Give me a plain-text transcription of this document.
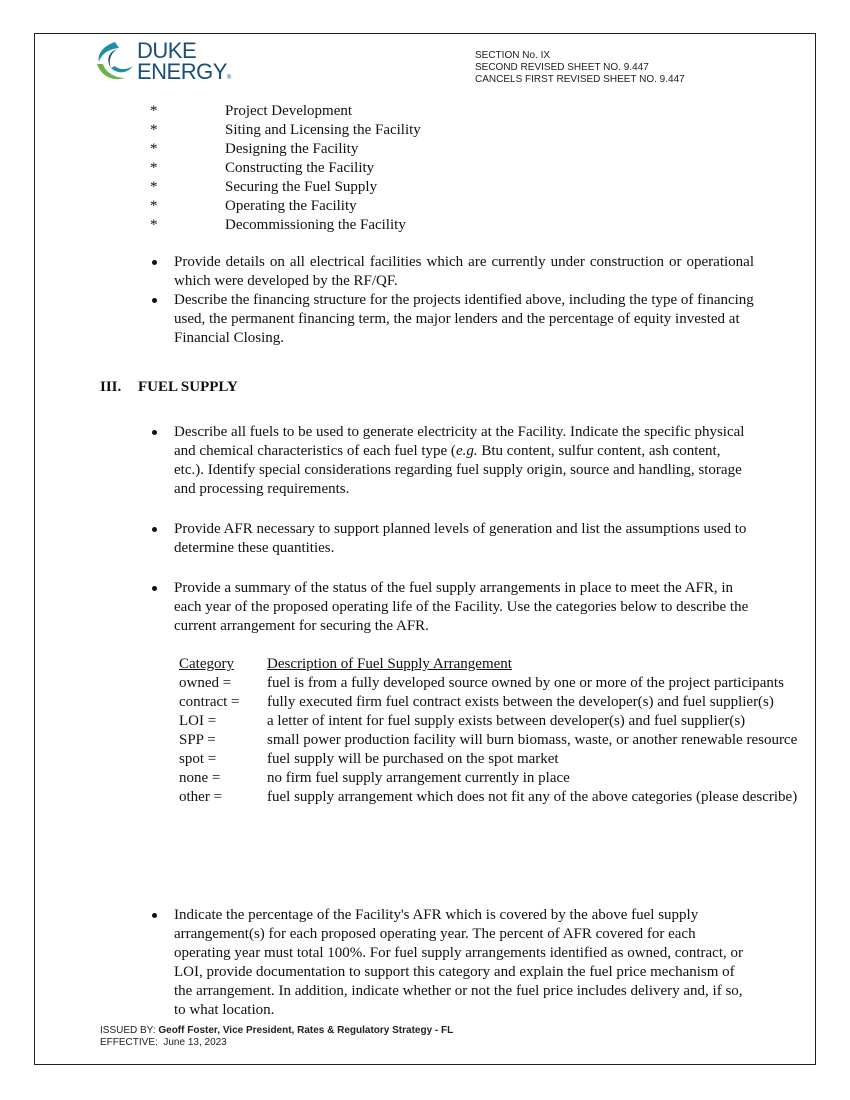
DUKE
ENERGY®
SECTION No. IX
SECOND REVISED SHEET NO. 9.447
CANCELS FIRST REVISED SHEET NO. 9.447
*	Project Development
*	Siting and Licensing the Facility
*	Designing the Facility
*	Constructing the Facility
*	Securing the Fuel Supply
*	Operating the Facility
*	Decommissioning the Facility
Provide details on all electrical facilities which are currently under construction or operational which were developed by the RF/QF.
Describe the financing structure for the projects identified above, including the type of financing used, the permanent financing term, the major lenders and the percentage of equity invested at Financial Closing.
III. FUEL SUPPLY
Describe all fuels to be used to generate electricity at the Facility. Indicate the specific physical and chemical characteristics of each fuel type (e.g. Btu content, sulfur content, ash content, etc.). Identify special considerations regarding fuel supply origin, source and handling, storage and processing requirements.
Provide AFR necessary to support planned levels of generation and list the assumptions used to determine these quantities.
Provide a summary of the status of the fuel supply arrangements in place to meet the AFR, in each year of the proposed operating life of the Facility. Use the categories below to describe the current arrangement for securing the AFR.
Category	Description of Fuel Supply Arrangement
owned =	fuel is from a fully developed source owned by one or more of the project participants
contract =	fully executed firm fuel contract exists between the developer(s) and fuel supplier(s)
LOI =	a letter of intent for fuel supply exists between developer(s) and fuel supplier(s)
SPP =	small power production facility will burn biomass, waste, or another renewable resource
spot =	fuel supply will be purchased on the spot market
none =	no firm fuel supply arrangement currently in place
other =	fuel supply arrangement which does not fit any of the above categories (please describe)
Indicate the percentage of the Facility's AFR which is covered by the above fuel supply arrangement(s) for each proposed operating year. The percent of AFR covered for each operating year must total 100%. For fuel supply arrangements identified as owned, contract, or LOI, provide documentation to support this category and explain the fuel price mechanism of the arrangement. In addition, indicate whether or not the fuel price includes delivery and, if so, to what location.
ISSUED BY: Geoff Foster, Vice President, Rates & Regulatory Strategy - FL
EFFECTIVE: June 13, 2023
